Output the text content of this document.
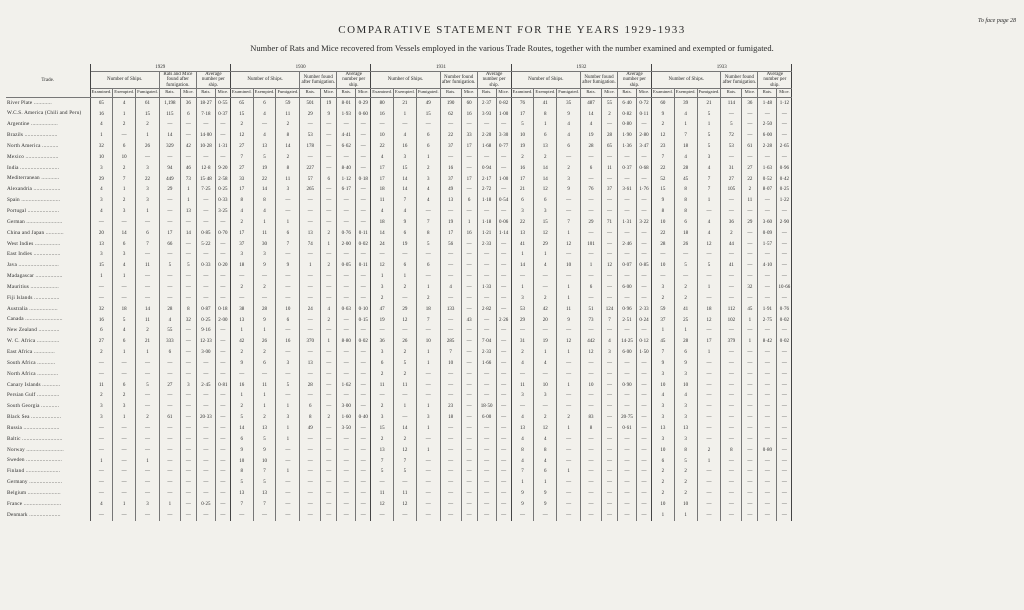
To face page 28
COMPARATIVE STATEMENT FOR THE YEARS 1929-1933
Number of Rats and Mice recovered from Vessels employed in the various Trade Routes, together with the number examined and exempted or fumigated.
Trade.	1929							1930							1931							1932							1933						
	Number of Ships.			Rats and Mice found after fumigation.		Average number per ship.		Number of Ships.			Number found after fumigation.		Average number per ship.		Number of Ships.			Number found after fumigation.		Average number per ship.		Number of Ships.			Number found after fumigation.		Average number per ship.		Number of Ships.			Number found after fumigation.		Average number per ship.	
	Examined.	Exempted.	Fumigated.	Rats.	Mice.	Rats.	Mice.	Examined.	Exempted.	Fumigated.	Rats.	Mice.	Rats.	Mice.	Examined.	Exempted.	Fumigated.	Rats.	Mice.	Rats.	Mice.	Examined.	Exempted.	Fumigated.	Rats.	Mice.	Rats.	Mice.	Examined.	Exempted.	Fumigated.	Rats.	Mice.	Rats.	Mice.
River Plate ............	65	4	61	1,198	36	18·27	0·55	65	6	59	501	19	8·01	0·29	80	21	49	190	60	2·37	0·82	76	41	35	487	55	6·40	0·72	60	39	21	114	36	1·48	1·12
W.C.S. America (Chili and Peru)	16	1	15	115	6	7·18	0·37	15	4	11	29	9	1·93	0·60	16	1	15	62	16	3·93	1·00	17	8	9	14	2	0·82	0·11	9	4	5	—	—	—	—
Argentine ..................	4	2	2	—	—	—	—	2	—	2	—	—	—	—	—	—	—	—	—	—	—	5	1	4	4	—	0·80	—	2	1	1	5	—	2·50	—
Brazils ......................	1	—	1	14	—	14·00	—	12	4	8	53	—	4·41	—	10	4	6	22	33	2·20	3·30	10	6	4	19	28	1·90	2·80	12	7	5	72	—	6·00	—
North America ...........	32	6	26	329	42	10·28	1·31	27	13	14	178	—	6·62	—	22	16	6	37	17	1·68	0·77	19	13	6	28	65	1·36	3·47	23	18	5	53	61	2·28	2·65
Mexico ......................	10	10	—	—	—	—	—	7	5	2	—	—	—	—	4	3	1	—	—	—	—	2	2	—	—	—	—	—	7	4	3	—	—	—	—
India ..........................	3	2	3	94	46	12·8	9·20	27	19	8	227	—	8·40	—	17	15	2	16	—	0·94	—	16	14	2	6	11	0·37	0·68	22	28	4	31	27	1·63	0·96
Mediterranean ............	29	7	22	449	73	15·48	2·58	33	22	11	57	6	1·12	0·18	17	14	3	37	17	2·17	1·00	17	14	3	—	—	—	—	52	45	7	27	22	0·52	0·42
Alexandria ..................	4	1	3	29	1	7·25	0·25	17	14	3	265	—	6·17	—	18	14	4	49	—	2·72	—	21	12	9	76	37	3·61	1·76	15	8	7	105	2	8·07	0·25
Spain ..........................	3	2	3	—	1	—	0·33	8	8	—	—	—	—	—	11	7	4	13	6	1·18	0·54	6	6	—	—	—	—	—	9	8	1	—	11	—	1·22
Portugal .....................	4	3	1	—	13	—	3·25	4	4	—	—	—	—	—	4	4	—	—	—	—	—	3	3	—	—	—	—	—	8	8	—	—	—	—	—
German ........................	—	—	—	—	—	—	—	2	1	1	—	—	—	—	18	9	7	19	1	1·18	0·06	22	15	7	29	71	1·31	3·22	10	6	4	36	29	3·60	2·90
China and Japan ............	20	14	6	17	14	0·85	0·70	17	11	6	13	2	0·76	0·11	14	6	8	17	16	1·21	1·14	13	12	1	—	—	—	—	22	18	4	2	—	0·09	—
West Indies .................	13	6	7	66	—	5·22	—	37	30	7	74	1	2·00	0·02	24	19	5	56	—	2·33	—	41	29	12	101	—	2·46	—	28	26	12	44	—	1·57	—
East Indies ..................	3	3	—	—	—	—	—	3	3	—	—	—	—	—	—	—	—	—	—	—	—	1	1	—	—	—	—	—	—	—	—	—	—	—	—
Java ...........................	15	4	11	5	5	0·33	0·20	18	9	9	1	2	0·05	0·11	12	6	6	—	—	—	—	14	4	10	1	12	0·07	0·85	10	5	5	41	—	4·10	—
Madagascar ..................	1	1	—	—	—	—	—	—	—	—	—	—	—	—	1	1	—	—	—	—	—	—	—	—	—	—	—	—	—	—	—	—	—	—	—
Mauritius ...................	—	—	—	—	—	—	—	2	2	—	—	—	—	—	3	2	1	4	—	1·33	—	1	—	1	6	—	6·00	—	3	2	1	—	32	—	10·66
Fiji Islands .................	—	—	—	—	—	—	—	—	—	—	—	—	—	—	2	—	2	—	—	—	—	3	2	1	—	—	—	—	2	2	—	—	—	—	—
Australia ...................	32	18	14	28	8	0·87	0·18	38	28	10	24	4	0·63	0·10	47	29	18	133	—	2·82	—	53	42	11	51	124	0·96	2·33	59	41	18	112	45	1·91	0·76
Canada .........................	16	5	11	4	32	0·25	2·00	13	9	6	—	2	—	0·15	19	12	7	—	43	—	2·26	29	20	9	73	7	2·51	0·24	37	25	12	102	1	2·75	0·02
New Zealand ..............	6	4	2	55	—	9·16	—	1	1	—	—	—	—	—	—	—	—	—	—	—	—	—	—	—	—	—	—	—	1	1	—	—	—	—	—
W. C. Africa ...............	27	6	21	333	—	12·33	—	42	26	16	370	1	8·80	0·02	36	26	10	285	—	7·04	—	31	19	12	442	4	14·25	0·12	45	28	17	379	1	8·42	0·02
East Africa ..............	2	1	1	6	—	3·00	—	2	2	—	—	—	—	—	3	2	1	7	—	2·33	—	2	1	1	12	3	6·00	1·50	7	6	1	—	—	—	—
South Africa ............	—	—	—	—	—	—	—	9	6	3	13	—	—	—	6	5	1	10	—	1·66	—	4	4	—	—	—	—	—	9	9	—	—	—	—	—
North Africa ..............	—	—	—	—	—	—	—	—	—	—	—	—	—	—	2	2	—	—	—	—	—	—	—	—	—	—	—	—	3	3	—	—	—	—	—
Canary Islands ............	11	6	5	27	3	2·45	0·81	16	11	5	28	—	1·62	—	11	11	—	—	—	—	—	11	10	1	10	—	0·90	—	10	10	—	—	—	—	—
Persian Gulf ...............	2	2	—	—	—	—	—	1	1	—	—	—	—	—	—	—	—	—	—	—	—	3	3	—	—	—	—	—	4	4	—	—	—	—	—
South Georgia ............	3	3	—	—	—	—	—	2	1	1	6	—	3·00	—	2	1	1	23	—	18·50	—	—	—	—	—	—	—	—	3	3	—	—	—	—	—
Black Sea ....................	3	1	2	61	—	20·33	—	5	2	3	8	2	1·60	0·40	3	—	3	18	—	6·00	—	4	2	2	83	—	20·75	—	3	3	—	—	—	—	—
Russia ........................	—	—	—	—	—	—	—	14	13	1	49	—	3·50	—	15	14	1	—	—	—	—	13	12	1	8	—	0·61	—	13	13	—	—	—	—	—
Baltic ...........................	—	—	—	—	—	—	—	6	5	1	—	—	—	—	2	2	—	—	—	—	—	4	4	—	—	—	—	—	3	3	—	—	—	—	—
Norway .........................	—	—	—	—	—	—	—	9	9	—	—	—	—	—	13	12	1	—	—	—	—	8	8	—	—	—	—	—	10	8	2	8	—	0·80	—
Sweden ........................	1	—	1	—	—	—	—	10	10	—	—	—	—	—	7	7	—	—	—	—	—	4	4	—	—	—	—	—	6	5	1	—	—	—	—
Finland .......................	—	—	—	—	—	—	—	8	7	1	—	—	—	—	5	5	—	—	—	—	—	7	6	1	—	—	—	—	2	2	—	—	—	—	—
Germany ......................	—	—	—	—	—	—	—	5	5	—	—	—	—	—	—	—	—	—	—	—	—	1	1	—	—	—	—	—	2	2	—	—	—	—	—
Belgium ......................	—	—	—	—	—	—	—	13	13	—	—	—	—	—	11	11	—	—	—	—	—	9	9	—	—	—	—	—	2	2	—	—	—	—	—
France .........................	4	1	3	1	—	0·25	—	7	7	—	—	—	—	—	12	12	—	—	—	—	—	9	9	—	—	—	—	—	10	10	—	—	—	—	—
Denmark .....................	—	—	—	—	—	—	—	—	—	—	—	—	—	—	—	—	—	—	—	—	—	—	—	—	—	—	—	—	1	1	—	—	—	—	—
